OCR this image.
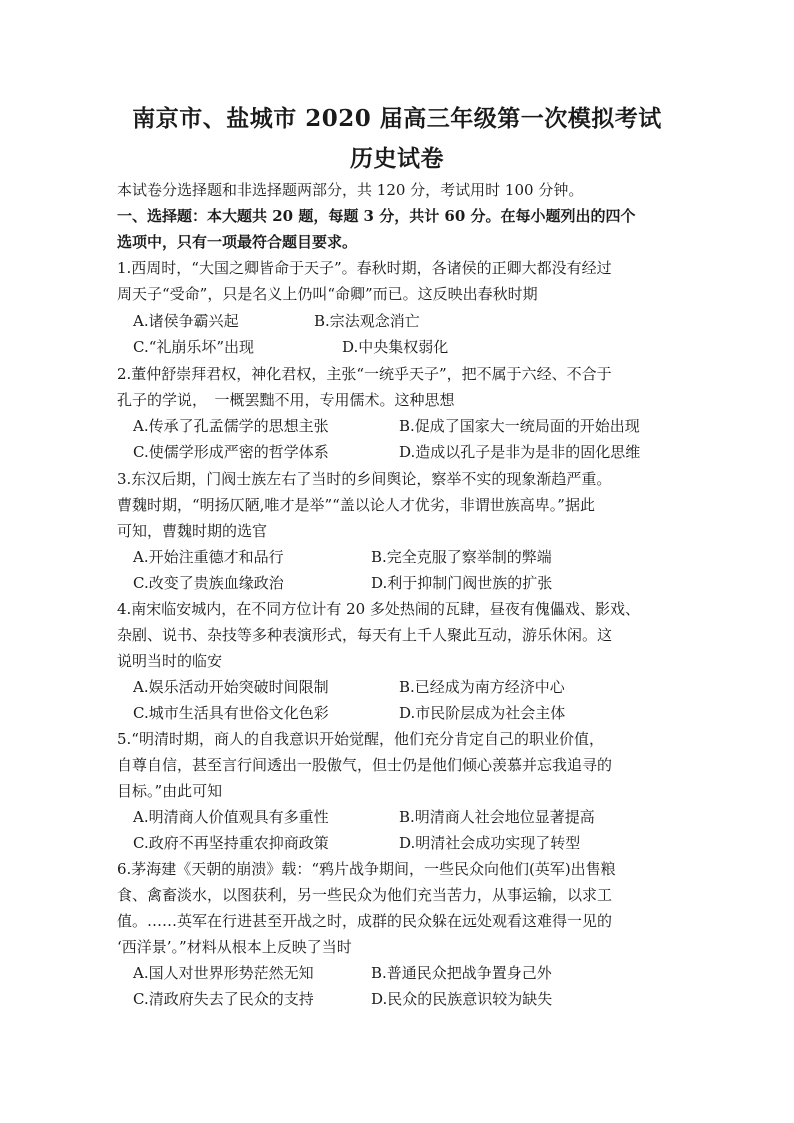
南京市、盐城市 2020 届高三年级第一次模拟考试
历史试卷
本试卷分选择题和非选择题两部分，共 120 分，考试用时 100 分钟。
一、选择题：本大题共 20 题，每题 3 分，共计 60 分。在每小题列出的四个
选项中，只有一项最符合题目要求。
1.西周时，“大国之卿皆命于天子”。春秋时期，各诸侯的正卿大都没有经过
周天子“受命”，只是名义上仍叫“命卿”而已。这反映出春秋时期
A.诸侯争霸兴起	B.宗法观念消亡
C.“礼崩乐坏”出现	D.中央集权弱化
2.董仲舒崇拜君权，神化君权，主张“一统乎天子”，把不属于六经、不合于
孔子的学说，　一概罢黜不用，专用儒术。这种思想
A.传承了孔孟儒学的思想主张	B.促成了国家大一统局面的开始出现
C.使儒学形成严密的哲学体系	D.造成以孔子是非为是非的固化思维
3.东汉后期，门阀士族左右了当时的乡间舆论，察举不实的现象渐趋严重。
曹魏时期，“明扬仄陋,唯才是举”“盖以论人才优劣，非谓世族高卑。”据此
可知，曹魏时期的选官
A.开始注重德才和品行	B.完全克服了察举制的弊端
C.改变了贵族血缘政治	D.利于抑制门阀世族的扩张
4.南宋临安城内，在不同方位计有 20 多处热闹的瓦肆，昼夜有傀儡戏、影戏、
杂剧、说书、杂技等多种表演形式，每天有上千人聚此互动，游乐休闲。这
说明当时的临安
A.娱乐活动开始突破时间限制	B.已经成为南方经济中心
C.城市生活具有世俗文化色彩	D.市民阶层成为社会主体
5.“明清时期，商人的自我意识开始觉醒，他们充分肯定自己的职业价值，
自尊自信，甚至言行间透出一股傲气，但士仍是他们倾心羡慕并忘我追寻的
目标。”由此可知
A.明清商人价值观具有多重性	B.明清商人社会地位显著提高
C.政府不再坚持重农抑商政策	D.明清社会成功实现了转型
6.茅海建《天朝的崩溃》载：“鸦片战争期间，一些民众向他们(英军)出售粮
食、禽畜淡水，以图获利，另一些民众为他们充当苦力，从事运输，以求工
值。……英军在行进甚至开战之时，成群的民众躲在远处观看这难得一见的
‘西洋景’。”材料从根本上反映了当时
A.国人对世界形势茫然无知	B.普通民众把战争置身己外
C.清政府失去了民众的支持	D.民众的民族意识较为缺失
